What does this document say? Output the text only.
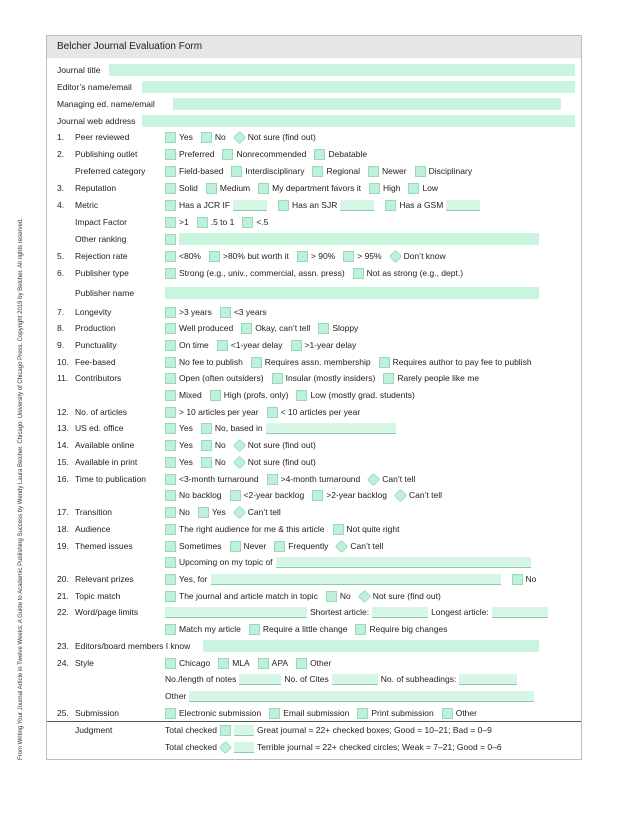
From Writing Your Journal Article in Twelve Weeks: A Guide to Academic Publishing Success by Wendy Laura Belcher. Chicago: University of Chicago Press. Copyright 2019 by Belcher. All rights reserved.
Belcher Journal Evaluation Form
Journal title
Editor’s name/email
Managing ed. name/email
Journal web address
1. Peer reviewed	Yes	No	Not sure (find out)
2. Publishing outlet	Preferred	Nonrecommended	Debatable
Preferred category	Field-based	Interdisciplinary	Regional	Newer	Disciplinary
3. Reputation	Solid	Medium	My department favors it	High	Low
4. Metric	Has a JCR IF	Has an SJR	Has a GSM
Impact Factor	>1	.5 to 1	<.5
Other ranking
5. Rejection rate	<80%	>80% but worth it	> 90%	> 95%	Don’t know
6. Publisher type	Strong (e.g., univ., commercial, assn. press)	Not as strong (e.g., dept.)
Publisher name
7. Longevity	>3 years	<3 years
8. Production	Well produced	Okay, can’t tell	Sloppy
9. Punctuality	On time	<1-year delay	>1-year delay
10. Fee-based	No fee to publish	Requires assn. membership	Requires author to pay fee to publish
11. Contributors	Open (often outsiders)	Insular (mostly insiders)	Rarely people like me
Mixed	High (profs. only)	Low (mostly grad. students)
12. No. of articles	> 10 articles per year	< 10 articles per year
13. US ed. office	Yes	No, based in
14. Available online	Yes	No	Not sure (find out)
15. Available in print	Yes	No	Not sure (find out)
16. Time to publication	<3-month turnaround	>4-month turnaround	Can’t tell
No backlog	<2-year backlog	>2-year backlog	Can’t tell
17. Transition	No	Yes	Can’t tell
18. Audience	The right audience for me & this article	Not quite right
19. Themed issues	Sometimes	Never	Frequently	Can’t tell
Upcoming on my topic of
20. Relevant prizes	Yes, for	No
21. Topic match	The journal and article match in topic	No	Not sure (find out)
22. Word/page limits	Shortest article:	Longest article:
Match my article	Require a little change	Require big changes
23. Editors/board members I know
24. Style	Chicago	MLA	APA	Other
No./length of notes	No. of Cites	No. of subheadings:
Other
25. Submission	Electronic submission	Email submission	Print submission	Other
Judgment	Total checked	Great journal = 22+ checked boxes; Good = 10–21; Bad = 0–9
Total checked	Terrible journal = 22+ checked circles; Weak = 7–21; Good = 0–6
